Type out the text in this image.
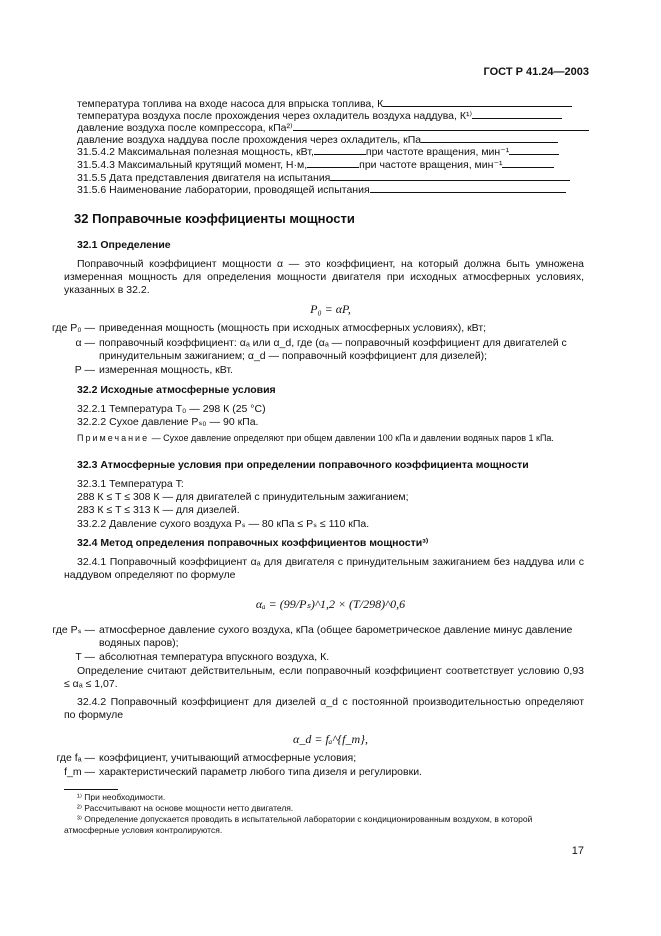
ГОСТ Р 41.24—2003
температура топлива на входе насоса для впрыска топлива, К
температура воздуха после прохождения через охладитель воздуха наддува, К¹⁾
давление воздуха после компрессора, кПа²⁾
давление воздуха наддува после прохождения через охладитель, кПа
31.5.4.2 Максимальная полезная мощность, кВт,	при частоте вращения, мин⁻¹
31.5.4.3 Максимальный крутящий момент, Н·м,	при частоте вращения, мин⁻¹
31.5.5 Дата представления двигателя на испытания
31.5.6 Наименование лаборатории, проводящей испытания
32 Поправочные коэффициенты мощности
32.1 Определение
Поправочный коэффициент мощности α — это коэффициент, на который должна быть умножена измеренная мощность для определения мощности двигателя при исходных атмосферных условиях, указанных в 32.2.
P₀ = αP,
где P₀ — приведенная мощность (мощность при исходных атмосферных условиях), кВт;
α — поправочный коэффициент: αₐ или α_d, где (αₐ — поправочный коэффициент для двигателей с принудительным зажиганием; α_d — поправочный коэффициент для дизелей);
P — измеренная мощность, кВт.
32.2 Исходные атмосферные условия
32.2.1 Температура T₀ — 298 К (25 °С)
32.2.2 Сухое давление Pₛ₀ — 90 кПа.
Примечание — Сухое давление определяют при общем давлении 100 кПа и давлении водяных паров 1 кПа.
32.3 Атмосферные условия при определении поправочного коэффициента мощности
32.3.1 Температура T:
288 К ≤ T ≤ 308 К — для двигателей с принудительным зажиганием;
283 К ≤ T ≤ 313 К — для дизелей.
33.2.2 Давление сухого воздуха Pₛ — 80 кПа ≤ Pₛ ≤ 110 кПа.
32.4 Метод определения поправочных коэффициентов мощности³⁾
32.4.1 Поправочный коэффициент αₐ для двигателя с принудительным зажиганием без наддува или с наддувом определяют по формуле
αₐ = (99/Pₛ)^1,2 × (T/298)^0,6
где Pₛ — атмосферное давление сухого воздуха, кПа (общее барометрическое давление минус давление водяных паров);
T — абсолютная температура впускного воздуха, К.
Определение считают действительным, если поправочный коэффициент соответствует условию 0,93 ≤ αₐ ≤ 1,07.
32.4.2 Поправочный коэффициент для дизелей α_d с постоянной производительностью определяют по формуле
α_d = fₐ^{f_m},
где fₐ — коэффициент, учитывающий атмосферные условия;
f_m — характеристический параметр любого типа дизеля и регулировки.
¹⁾ При необходимости.
²⁾ Рассчитывают на основе мощности нетто двигателя.
³⁾ Определение допускается проводить в испытательной лаборатории с кондиционированным воздухом, в которой атмосферные условия контролируются.
17
